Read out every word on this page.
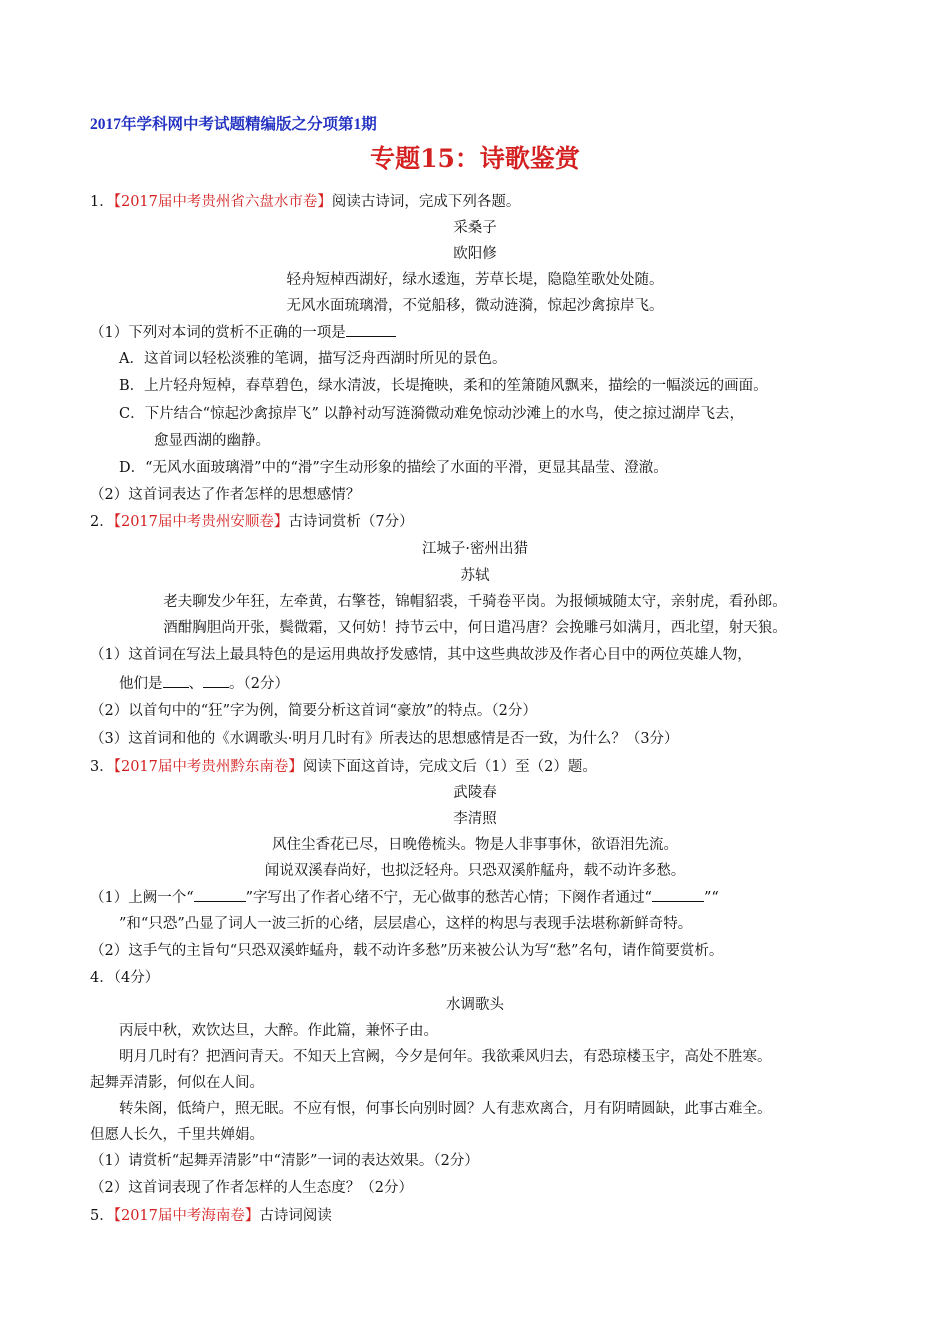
2017年学科网中考试题精编版之分项第1期
专题15：诗歌鉴赏
1．【2017届中考贵州省六盘水市卷】阅读古诗词，完成下列各题。
采桑子
欧阳修
轻舟短棹西湖好，绿水逶迤，芳草长堤，隐隐笙歌处处随。
无风水面琉璃滑，不觉船移，微动涟漪，惊起沙禽掠岸飞。
（1）下列对本词的赏析不正确的一项是
A．这首词以轻松淡雅的笔调，描写泛舟西湖时所见的景色。
B．上片轻舟短棹，春草碧色，绿水清波，长堤掩映，柔和的笙箫随风飘来，描绘的一幅淡远的画面。
C．下片结合“惊起沙禽掠岸飞” 以静衬动写涟漪微动难免惊动沙滩上的水鸟，使之掠过湖岸飞去，
愈显西湖的幽静。
D．“无风水面玻璃滑”中的“滑”字生动形象的描绘了水面的平滑，更显其晶莹、澄澈。
（2）这首词表达了作者怎样的思想感情？
2．【2017届中考贵州安顺卷】古诗词赏析（7分）
江城子·密州出猎
苏轼
老夫聊发少年狂，左牵黄，右擎苍，锦帽貂裘，千骑卷平岗。为报倾城随太守，亲射虎，看孙郎。
酒酣胸胆尚开张，鬓微霜，又何妨！持节云中，何日遣冯唐？会挽雕弓如满月，西北望，射天狼。
（1）这首词在写法上最具特色的是运用典故抒发感情，其中这些典故涉及作者心目中的两位英雄人物，
他们是 、 。（2分）
（2）以首句中的“狂”字为例，简要分析这首词“豪放”的特点。（2分）
（3）这首词和他的《水调歌头·明月几时有》所表达的思想感情是否一致，为什么？（3分）
3．【2017届中考贵州黔东南卷】阅读下面这首诗，完成文后（1）至（2）题。
武陵春
李清照
风住尘香花已尽，日晚倦梳头。物是人非事事休，欲语泪先流。
闻说双溪春尚好，也拟泛轻舟。只恐双溪舴艋舟，载不动许多愁。
（1）上阙一个“	”字写出了作者心绪不宁，无心做事的愁苦心情；下阕作者通过“	”“
”和“只恐”凸显了词人一波三折的心绪，层层虐心，这样的构思与表现手法堪称新鲜奇特。
（2）这手气的主旨句“只恐双溪蚱蜢舟，载不动许多愁”历来被公认为写“愁”名句，请作简要赏析。
4．（4分）
水调歌头
丙辰中秋，欢饮达旦，大醉。作此篇，兼怀子由。
明月几时有？把酒问青天。不知天上宫阙，今夕是何年。我欲乘风归去，有恐琼楼玉宇，高处不胜寒。
起舞弄清影，何似在人间。
转朱阁，低绮户，照无眠。不应有恨，何事长向别时圆？人有悲欢离合，月有阴晴圆缺，此事古难全。
但愿人长久，千里共婵娟。
（1）请赏析“起舞弄清影”中“清影”一词的表达效果。（2分）
（2）这首词表现了作者怎样的人生态度？（2分）
5．【2017届中考海南卷】古诗词阅读
